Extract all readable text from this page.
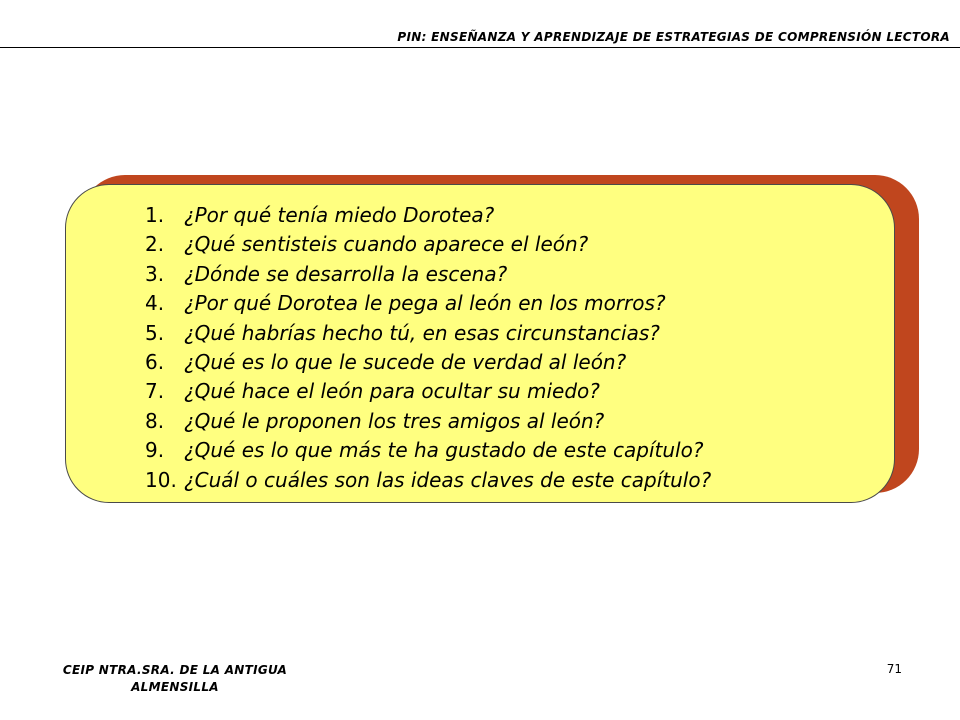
PIN: ENSEÑANZA Y APRENDIZAJE DE ESTRATEGIAS DE COMPRENSIÓN LECTORA
1. ¿Por qué tenía miedo Dorotea?
2. ¿Qué sentisteis cuando aparece el león?
3. ¿Dónde se desarrolla la escena?
4. ¿Por qué Dorotea le pega al león en los morros?
5. ¿Qué habrías hecho tú, en esas circunstancias?
6. ¿Qué es lo que le sucede de verdad al león?
7. ¿Qué hace el león para ocultar su miedo?
8. ¿Qué le proponen los tres amigos al león?
9. ¿Qué es lo que más te ha gustado de este capítulo?
10. ¿Cuál o cuáles son las ideas claves de este capítulo?
CEIP NTRA.SRA. DE LA ANTIGUA
ALMENSILLA
71
